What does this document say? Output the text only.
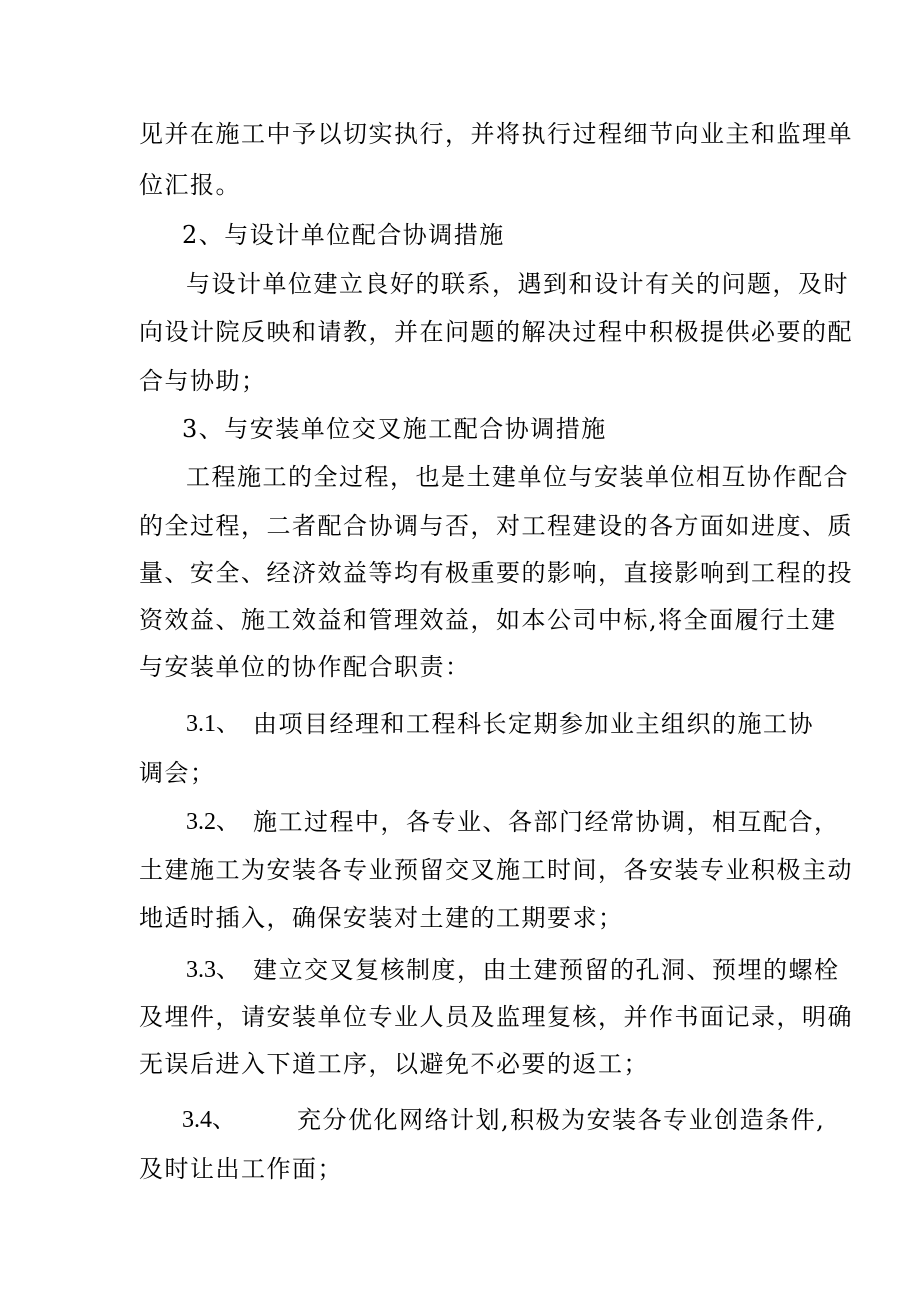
见并在施工中予以切实执行，并将执行过程细节向业主和监理单
位汇报。
2、与设计单位配合协调措施
与设计单位建立良好的联系，遇到和设计有关的问题，及时
向设计院反映和请教，并在问题的解决过程中积极提供必要的配
合与协助；
3、与安装单位交叉施工配合协调措施
工程施工的全过程，也是土建单位与安装单位相互协作配合
的全过程，二者配合协调与否，对工程建设的各方面如进度、质
量、安全、经济效益等均有极重要的影响，直接影响到工程的投
资效益、施工效益和管理效益，如本公司中标,将全面履行土建
与安装单位的协作配合职责：
3.1、 由项目经理和工程科长定期参加业主组织的施工协
调会；
3.2、 施工过程中，各专业、各部门经常协调，相互配合，
土建施工为安装各专业预留交叉施工时间，各安装专业积极主动
地适时插入，确保安装对土建的工期要求；
3.3、 建立交叉复核制度，由土建预留的孔洞、预埋的螺栓
及埋件，请安装单位专业人员及监理复核，并作书面记录，明确
无误后进入下道工序，以避免不必要的返工；
3.4、	充分优化网络计划,积极为安装各专业创造条件,
及时让出工作面；
